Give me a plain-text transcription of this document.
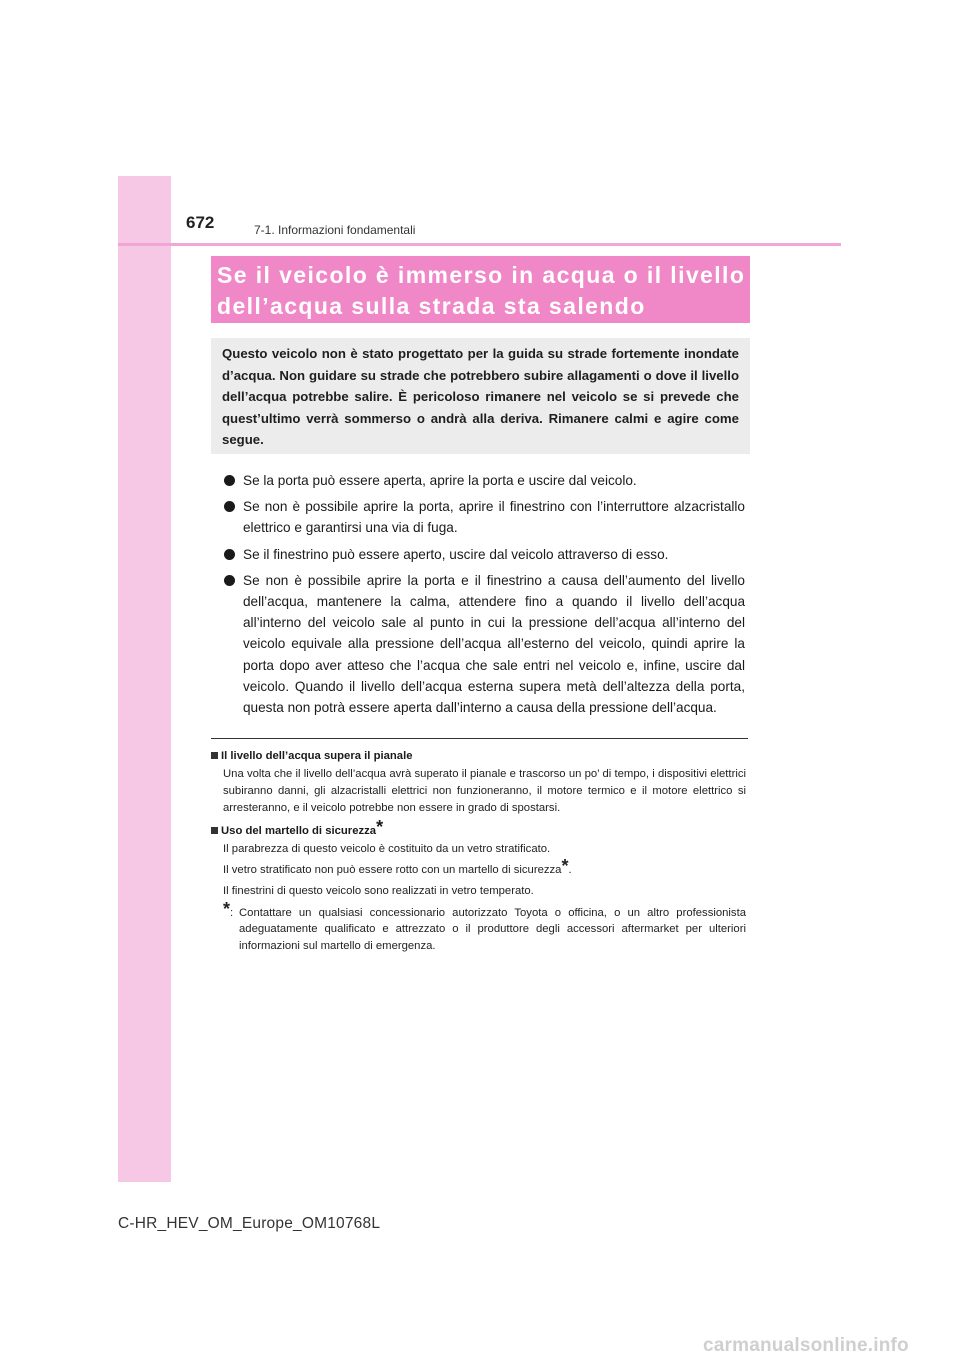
672	7-1. Informazioni fondamentali
Se il veicolo è immerso in acqua o il livello
dell’acqua sulla strada sta salendo
Questo veicolo non è stato progettato per la guida su strade fortemente inondate d’acqua. Non guidare su strade che potrebbero subire allagamenti o dove il livello dell’acqua potrebbe salire. È pericoloso rimanere nel veicolo se si prevede che quest’ultimo verrà sommerso o andrà alla deriva. Rimanere calmi e agire come segue.
Se la porta può essere aperta, aprire la porta e uscire dal veicolo.
Se non è possibile aprire la porta, aprire il finestrino con l’interruttore alzacristallo elettrico e garantirsi una via di fuga.
Se il finestrino può essere aperto, uscire dal veicolo attraverso di esso.
Se non è possibile aprire la porta e il finestrino a causa dell’aumento del livello dell’acqua, mantenere la calma, attendere fino a quando il livello dell’acqua all’interno del veicolo sale al punto in cui la pressione dell’acqua all’interno del veicolo equivale alla pressione dell’acqua all’esterno del veicolo, quindi aprire la porta dopo aver atteso che l’acqua che sale entri nel veicolo e, infine, uscire dal veicolo. Quando il livello dell’acqua esterna supera metà dell’altezza della porta, questa non potrà essere aperta dall’interno a causa della pressione dell’acqua.
Il livello dell’acqua supera il pianale

Una volta che il livello dell’acqua avrà superato il pianale e trascorso un po’ di tempo, i dispositivi elettrici subiranno danni, gli alzacristalli elettrici non funzioneranno, il motore termico e il motore elettrico si arresteranno, e il veicolo potrebbe non essere in grado di spostarsi.

Uso del martello di sicurezza*

Il parabrezza di questo veicolo è costituito da un vetro stratificato.

Il vetro stratificato non può essere rotto con un martello di sicurezza*.

Il finestrini di questo veicolo sono realizzati in vetro temperato.

*: Contattare un qualsiasi concessionario autorizzato Toyota o officina, o un altro professionista adeguatamente qualificato e attrezzato o il produttore degli accessori aftermarket per ulteriori informazioni sul martello di emergenza.
C-HR_HEV_OM_Europe_OM10768L
carmanualsonline.info
